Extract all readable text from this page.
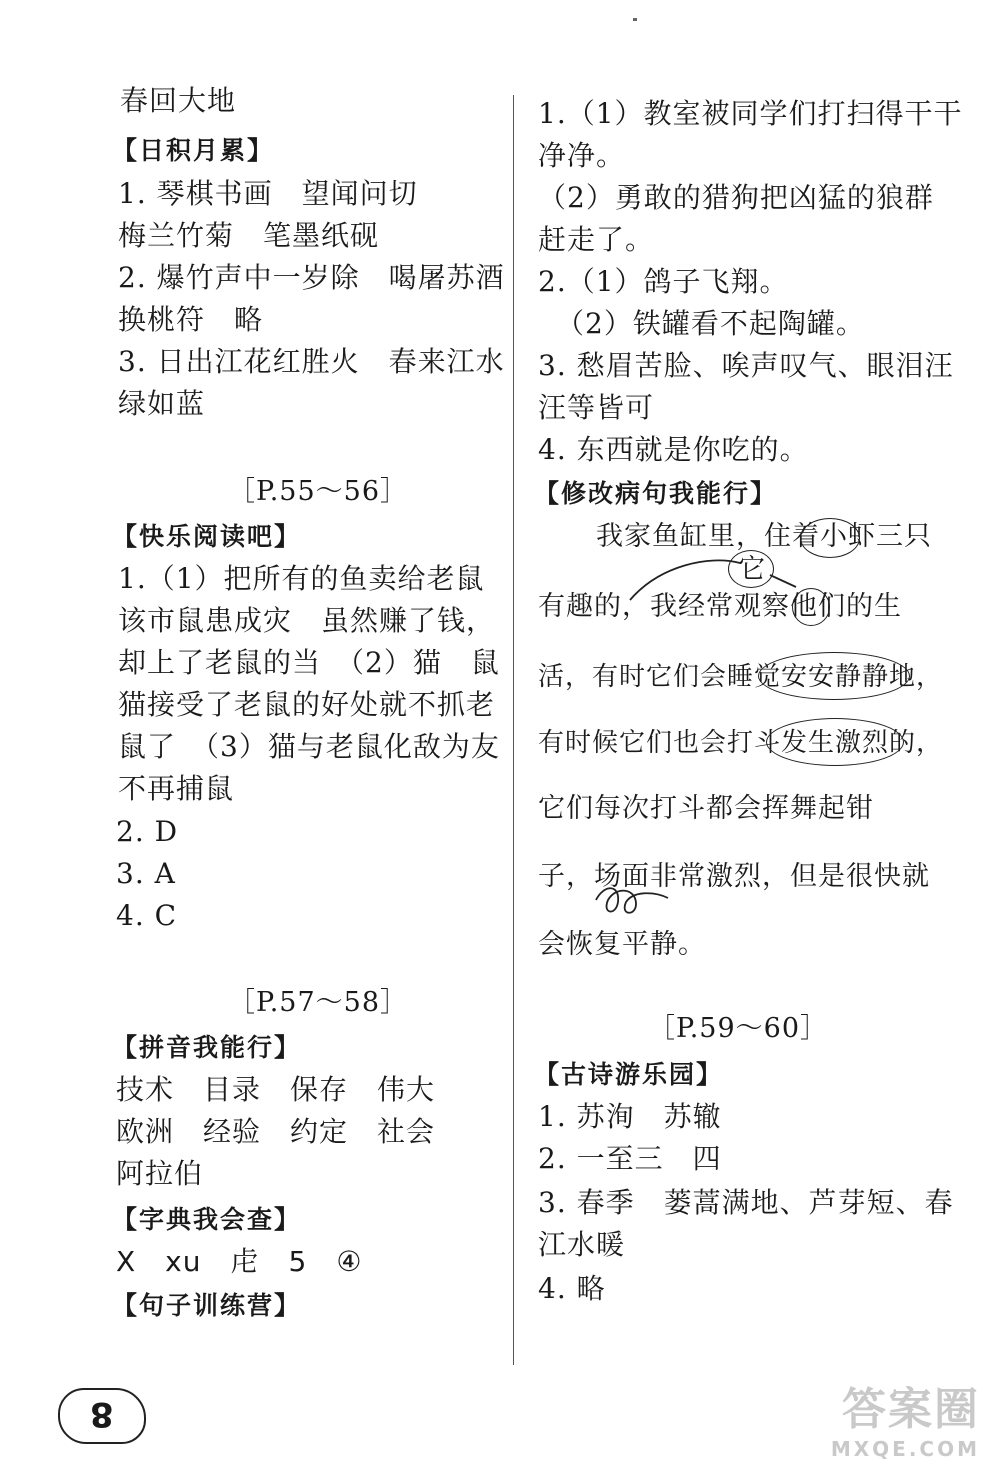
春回大地
【日积月累】
1. 琴棋书画　望闻问切
梅兰竹菊　笔墨纸砚
2. 爆竹声中一岁除　喝屠苏酒
换桃符　略
3. 日出江花红胜火　春来江水
绿如蓝
［P.55～56］
【快乐阅读吧】
1.（1）把所有的鱼卖给老鼠
该市鼠患成灾　虽然赚了钱，
却上了老鼠的当　（2）猫　鼠
猫接受了老鼠的好处就不抓老
鼠了　（3）猫与老鼠化敌为友
不再捕鼠
2. D
3. A
4. C
［P.57～58］
【拼音我能行】
技术　目录　保存　伟大
欧洲　经验　约定　社会
阿拉伯
【字典我会查】
X　xu　虍　5　④
【句子训练营】
1.（1）教室被同学们打扫得干干
净净。
（2）勇敢的猎狗把凶猛的狼群
赶走了。
2.（1）鸽子飞翔。
（2）铁罐看不起陶罐。
3. 愁眉苦脸、唉声叹气、眼泪汪
汪等皆可
4. 东西就是你吃的。
【修改病句我能行】
我家鱼缸里，住着小虾三只
它
有趣的，我经常观察他们的生
活，有时它们会睡觉安安静静地，
有时候它们也会打斗发生激烈的，
它们每次打斗都会挥舞起钳
子，场面非常激烈，但是很快就
会恢复平静。
［P.59～60］
【古诗游乐园】
1. 苏洵　苏辙
2. 一至三　四
3. 春季　蒌蒿满地、芦芽短、春
江水暖
4. 略
8	答案圈
MXQE.COM
